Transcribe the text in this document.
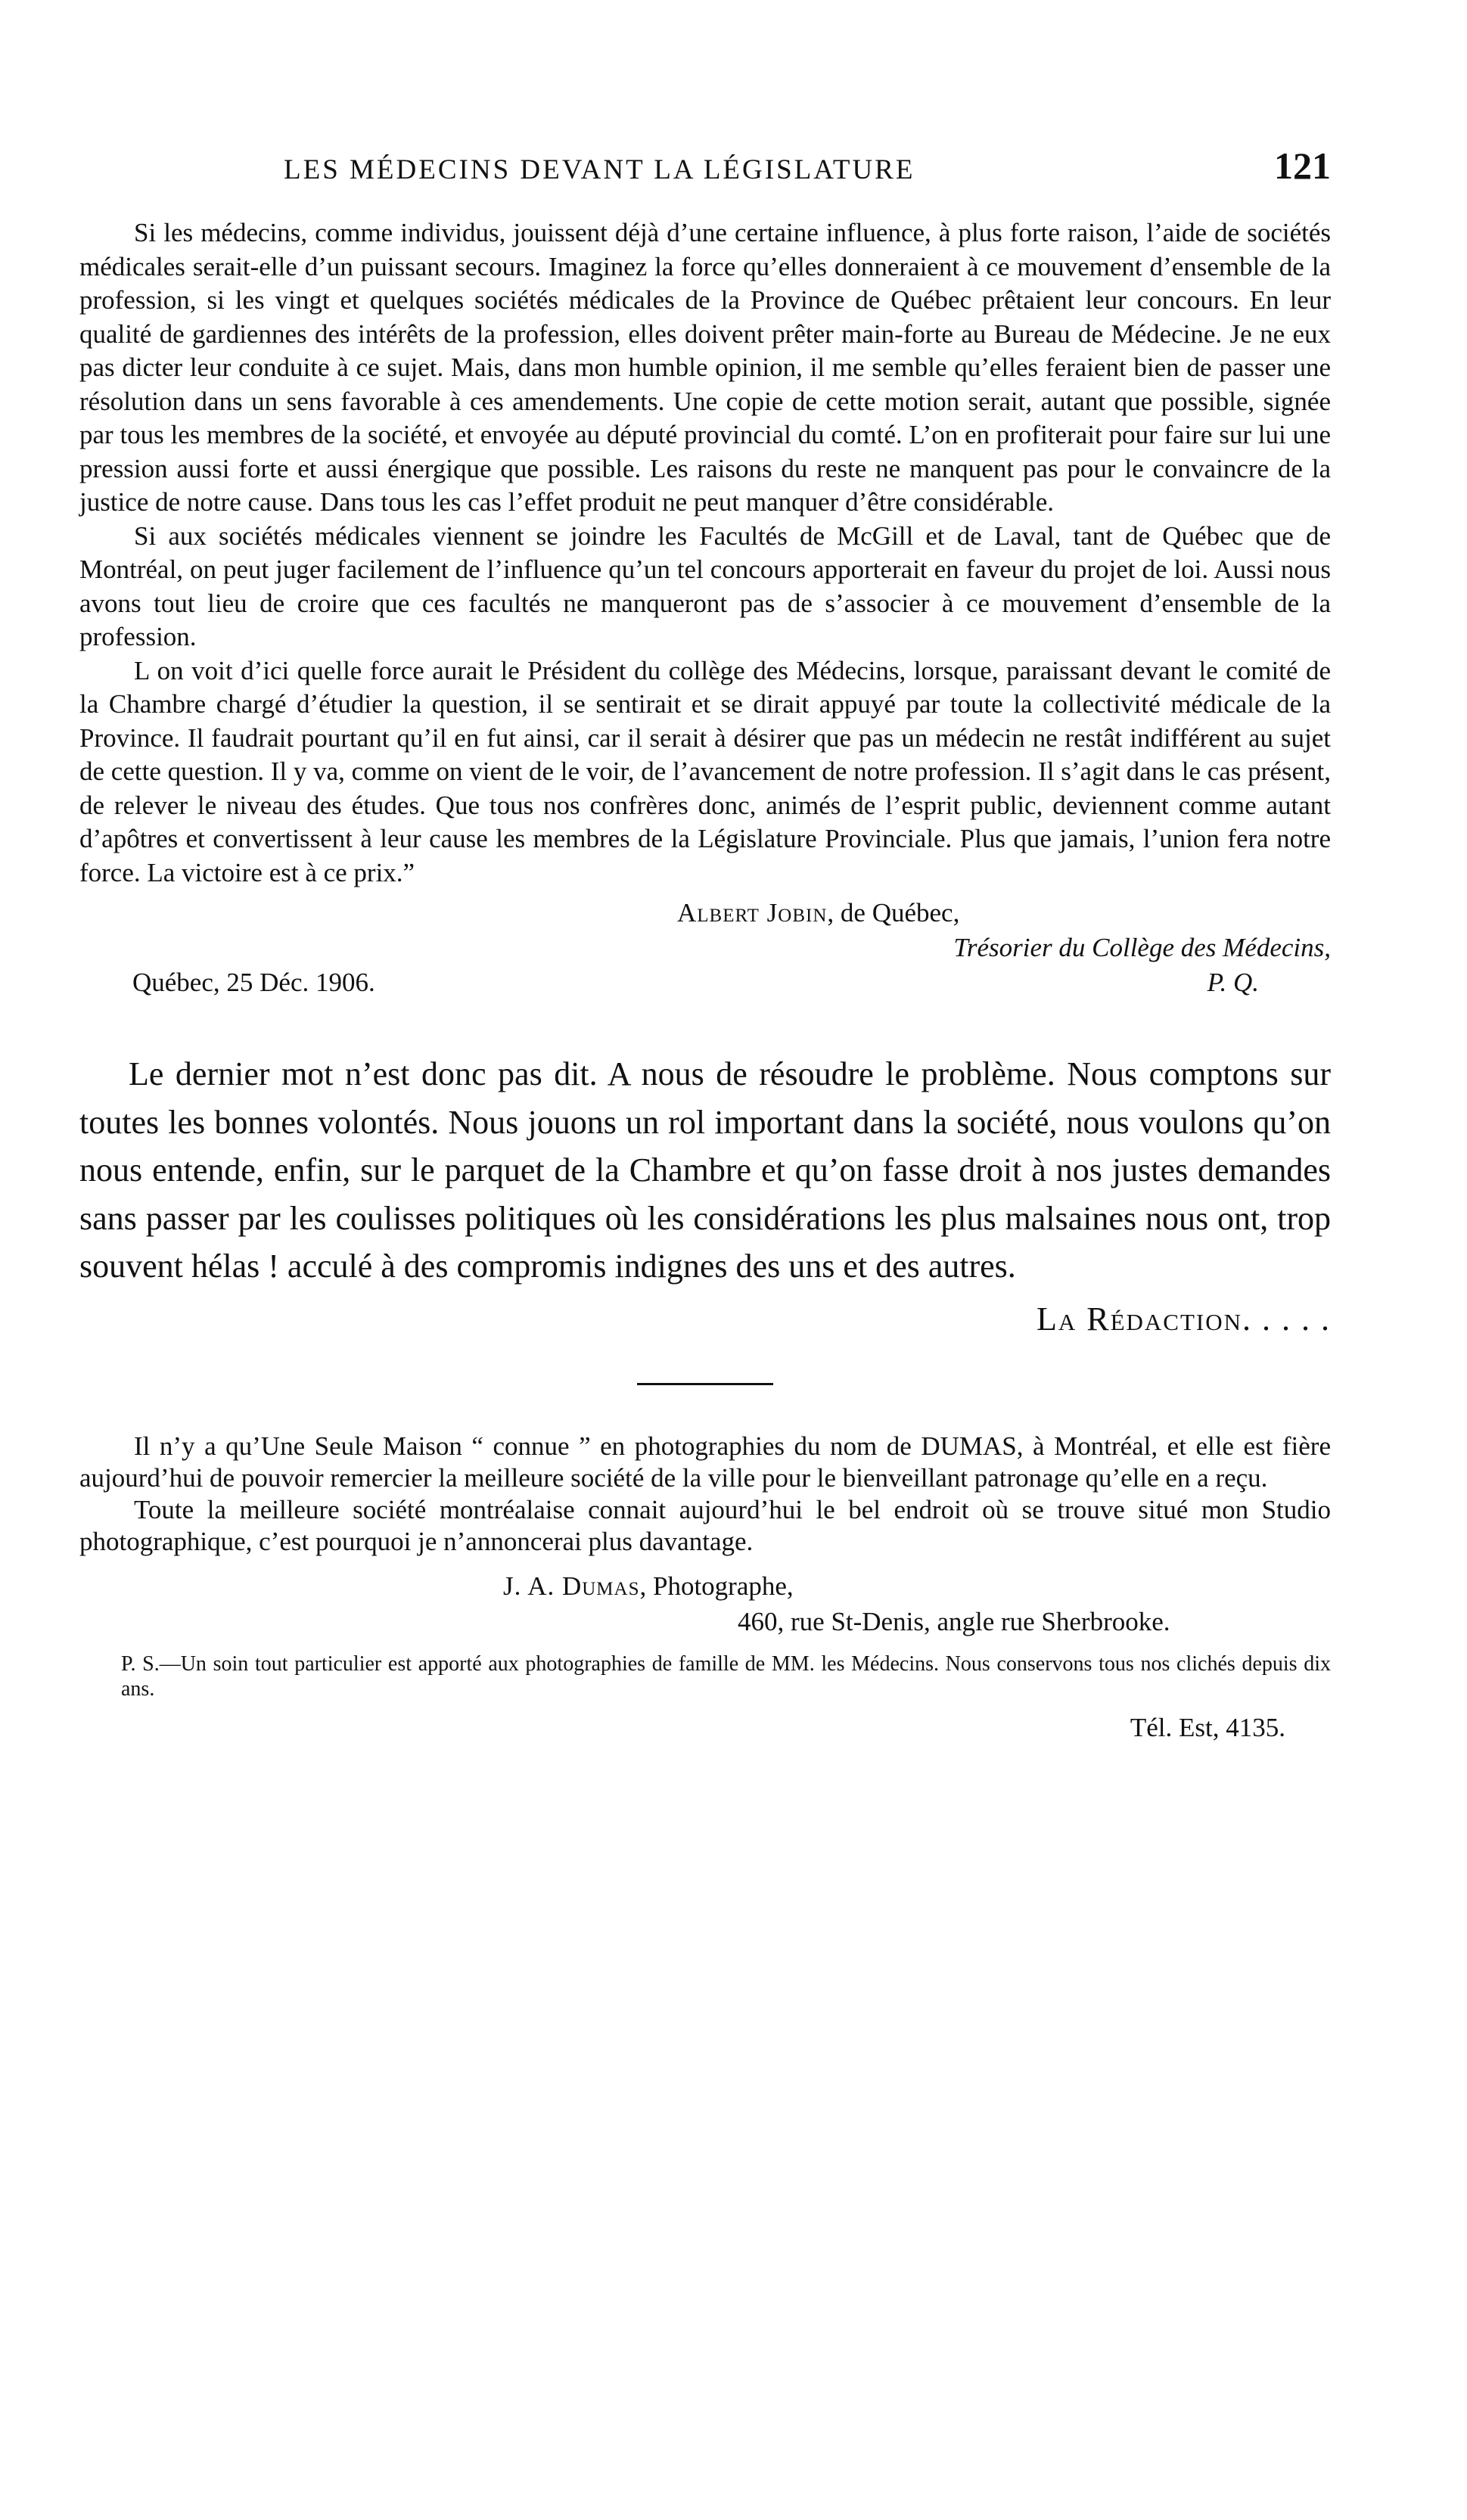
LES MÉDECINS DEVANT LA LÉGISLATURE	121

Si les médecins, comme individus, jouissent déjà d’une certaine influence, à plus forte raison, l’aide de sociétés médicales serait-elle d’un puissant secours. Imaginez la force qu’elles donneraient à ce mouvement d’ensemble de la profession, si les vingt et quelques sociétés médicales de la Province de Québec prêtaient leur concours. En leur qualité de gardiennes des intérêts de la profession, elles doivent prêter main-forte au Bureau de Médecine. Je ne eux pas dicter leur conduite à ce sujet. Mais, dans mon humble opinion, il me semble qu’elles feraient bien de passer une résolution dans un sens favorable à ces amendements. Une copie de cette motion serait, autant que possible, signée par tous les membres de la société, et envoyée au député provincial du comté. L’on en profiterait pour faire sur lui une pression aussi forte et aussi énergique que possible. Les raisons du reste ne manquent pas pour le convaincre de la justice de notre cause. Dans tous les cas l’effet produit ne peut manquer d’être considérable.

Si aux sociétés médicales viennent se joindre les Facultés de McGill et de Laval, tant de Québec que de Montréal, on peut juger facilement de l’influence qu’un tel concours apporterait en faveur du projet de loi. Aussi nous avons tout lieu de croire que ces facultés ne manqueront pas de s’associer à ce mouvement d’ensemble de la profession.

L on voit d’ici quelle force aurait le Président du collège des Médecins, lorsque, paraissant devant le comité de la Chambre chargé d’étudier la question, il se sentirait et se dirait appuyé par toute la collectivité médicale de la Province. Il faudrait pourtant qu’il en fut ainsi, car il serait à désirer que pas un médecin ne restât indifférent au sujet de cette question. Il y va, comme on vient de le voir, de l’avancement de notre profession. Il s’agit dans le cas présent, de relever le niveau des études. Que tous nos confrères donc, animés de l’esprit public, deviennent comme autant d’apôtres et convertissent à leur cause les membres de la Législature Provinciale. Plus que jamais, l’union fera notre force. La victoire est à ce prix.”

Albert Jobin, de Québec,
Trésorier du Collège des Médecins,
Québec, 25 Déc. 1906.	P. Q.

Le dernier mot n’est donc pas dit. A nous de résoudre le problème. Nous comptons sur toutes les bonnes volontés. Nous jouons un rol important dans la société, nous voulons qu’on nous entende, enfin, sur le parquet de la Chambre et qu’on fasse droit à nos justes demandes sans passer par les coulisses politiques où les considérations les plus malsaines nous ont, trop souvent hélas ! acculé à des compromis indignes des uns et des autres.

La Rédaction. . . . .

Il n’y a qu’Une Seule Maison “ connue ” en photographies du nom de DUMAS, à Montréal, et elle est fière aujourd’hui de pouvoir remercier la meilleure société de la ville pour le bienveillant patronage qu’elle en a reçu.

Toute la meilleure société montréalaise connait aujourd’hui le bel endroit où se trouve situé mon Studio photographique, c’est pourquoi je n’annoncerai plus davantage.

J. A. Dumas, Photographe,
460, rue St-Denis, angle rue Sherbrooke.
P. S.—Un soin tout particulier est apporté aux photographies de famille de MM. les Médecins. Nous conservons tous nos clichés depuis dix ans.
Tél. Est, 4135.
